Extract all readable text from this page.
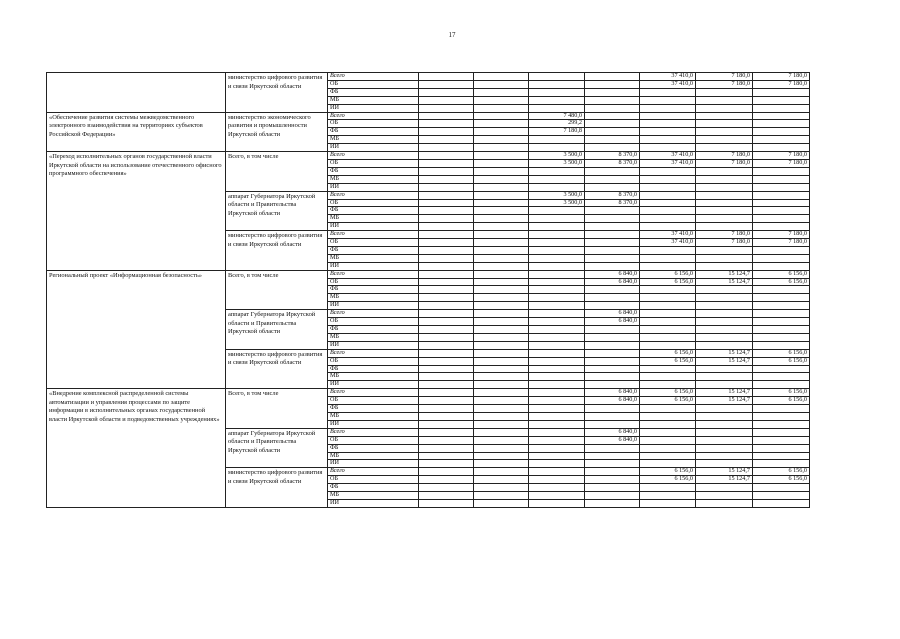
17
	министерство цифрового развития и связи Иркутской области	Всего					37 410,0	7 180,0	7 180,0	
		ОБ					37 410,0	7 180,0	7 180,0	
		ФБ								
		МБ								
		ИИ								
«Обеспечение развития системы межведомственного электронного взаимодействия на территориях субъектов Российской Федерации»	министерство экономического развития и промышленности Иркутской области	Всего			7 480,0					
		ОБ			299,2					
		ФБ			7 180,8					
		МБ								
		ИИ								
«Переход исполнительных органов государственной власти Иркутской области на использование отечественного офисного программного обеспечения»	Всего, в том числе	Всего			3 500,0	8 370,0	37 410,0	7 180,0	7 180,0	
		ОБ			3 500,0	8 370,0	37 410,0	7 180,0	7 180,0	
		ФБ								
		МБ								
		ИИ								
	аппарат Губернатора Иркутской области и Правительства Иркутской области	Всего			3 500,0	8 370,0				
		ОБ			3 500,0	8 370,0				
		ФБ								
		МБ								
		ИИ								
	министерство цифрового развития и связи Иркутской области	Всего					37 410,0	7 180,0	7 180,0	
		ОБ					37 410,0	7 180,0	7 180,0	
		ФБ								
		МБ								
		ИИ								
Региональный проект «Информационная безопасность»	Всего, в том числе	Всего				6 840,0	6 156,0	15 124,7	6 156,0	
		ОБ				6 840,0	6 156,0	15 124,7	6 156,0	
		ФБ								
		МБ								
		ИИ								
	аппарат Губернатора Иркутской области и Правительства Иркутской области	Всего				6 840,0				
		ОБ				6 840,0				
		ФБ								
		МБ								
		ИИ								
	министерство цифрового развития и связи Иркутской области	Всего					6 156,0	15 124,7	6 156,0	
		ОБ					6 156,0	15 124,7	6 156,0	
		ФБ								
		МБ								
		ИИ								
«Внедрение комплексной распределенной системы автоматизации и управления процессами по защите информации в исполнительных органах государственной власти Иркутской области и подведомственных учреждениях»	Всего, в том числе	Всего				6 840,0	6 156,0	15 124,7	6 156,0	
		ОБ				6 840,0	6 156,0	15 124,7	6 156,0	
		ФБ								
		МБ								
		ИИ								
	аппарат Губернатора Иркутской области и Правительства Иркутской области	Всего				6 840,0				
		ОБ				6 840,0				
		ФБ								
		МБ								
		ИИ								
	министерство цифрового развития и связи Иркутской области	Всего					6 156,0	15 124,7	6 156,0	
		ОБ					6 156,0	15 124,7	6 156,0	
		ФБ								
		МБ								
		ИИ								
